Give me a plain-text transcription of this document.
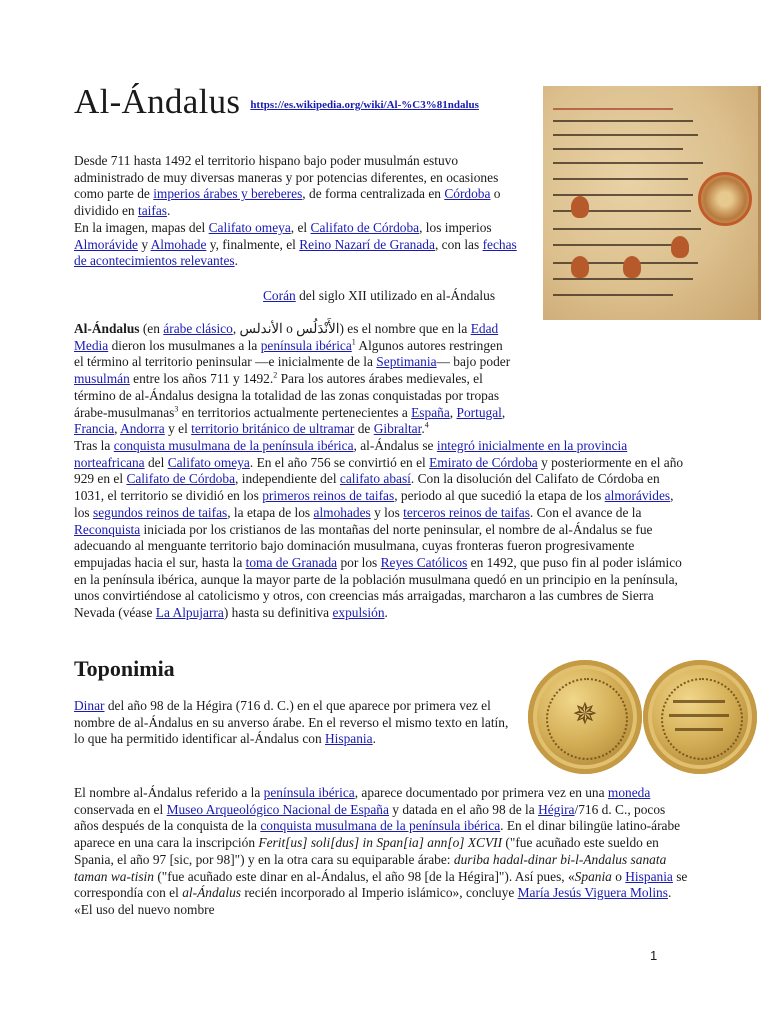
Al-Ándalus $^{https://es.wikipedia.org/wiki/Al-\%C3\%81ndalus}$

Desde 711 hasta 1492 el territorio hispano bajo poder musulmán estuvo administrado de muy diversas maneras y por potencias diferentes, en ocasiones como parte de imperios árabes y bereberes, de forma centralizada en Córdoba o dividido en taifas.
En la imagen, mapas del Califato omeya, el Califato de Córdoba, los imperios Almorávide y Almohade y, finalmente, el Reino Nazarí de Granada, con las fechas de acontecimientos relevantes.

Corán del siglo XII utilizado en al-Ándalus

Al-Ándalus (en árabe clásico, الأندلس o الأَنْدَلُس) es el nombre que en la Edad Media dieron los musulmanes a la península ibérica$^1$ Algunos autores restringen el término al territorio peninsular —e inicialmente de la Septimania— bajo poder musulmán entre los años 711 y 1492.$^2$ Para los autores árabes medievales, el término de al-Ándalus designa la totalidad de las zonas conquistadas por tropas árabe-musulmanas$^3$ en territorios actualmente pertenecientes a España, Portugal, Francia, Andorra y el territorio británico de ultramar de Gibraltar.$^4$

Tras la conquista musulmana de la península ibérica, al-Ándalus se integró inicialmente en la provincia norteafricana del Califato omeya. En el año 756 se convirtió en el Emirato de Córdoba y posteriormente en el año 929 en el Califato de Córdoba, independiente del califato abasí. Con la disolución del Califato de Córdoba en 1031, el territorio se dividió en los primeros reinos de taifas, periodo al que sucedió la etapa de los almorávides, los segundos reinos de taifas, la etapa de los almohades y los terceros reinos de taifas. Con el avance de la Reconquista iniciada por los cristianos de las montañas del norte peninsular, el nombre de al-Ándalus se fue adecuando al menguante territorio bajo dominación musulmana, cuyas fronteras fueron progresivamente empujadas hacia el sur, hasta la toma de Granada por los Reyes Católicos en 1492, que puso fin al poder islámico en la península ibérica, aunque la mayor parte de la población musulmana quedó en un principio en la península, unos convirtiéndose al catolicismo y otros, con creencias más arraigadas, marcharon a las cumbres de Sierra Nevada (véase La Alpujarra) hasta su definitiva expulsión.

Toponimia
✵

Dinar del año 98 de la Hégira (716 d. C.) en el que aparece por primera vez el nombre de al-Ándalus en su anverso árabe. En el reverso el mismo texto en latín, lo que ha permitido identificar al-Ándalus con Hispania.

El nombre al-Ándalus referido a la península ibérica, aparece documentado por primera vez en una moneda conservada en el Museo Arqueológico Nacional de España y datada en el año 98 de la Hégira/716 d. C., pocos años después de la conquista de la conquista musulmana de la península ibérica. En el dinar bilingüe latino-árabe aparece en una cara la inscripción Ferit[us] soli[dus] in Span[ia] ann[o] XCVII ("fue acuñado este sueldo en Spania, el año 97 [sic, por 98]") y en la otra cara su equiparable árabe: duriba hadal-dinar bi-l-Andalus sanata taman wa-tisin ("fue acuñado este dinar en al-Ándalus, el año 98 [de la Hégira]"). Así pues, «Spania o Hispania se correspondía con el al-Ándalus recién incorporado al Imperio islámico», concluye María Jesús Viguera Molins. «El uso del nuevo nombre

1
